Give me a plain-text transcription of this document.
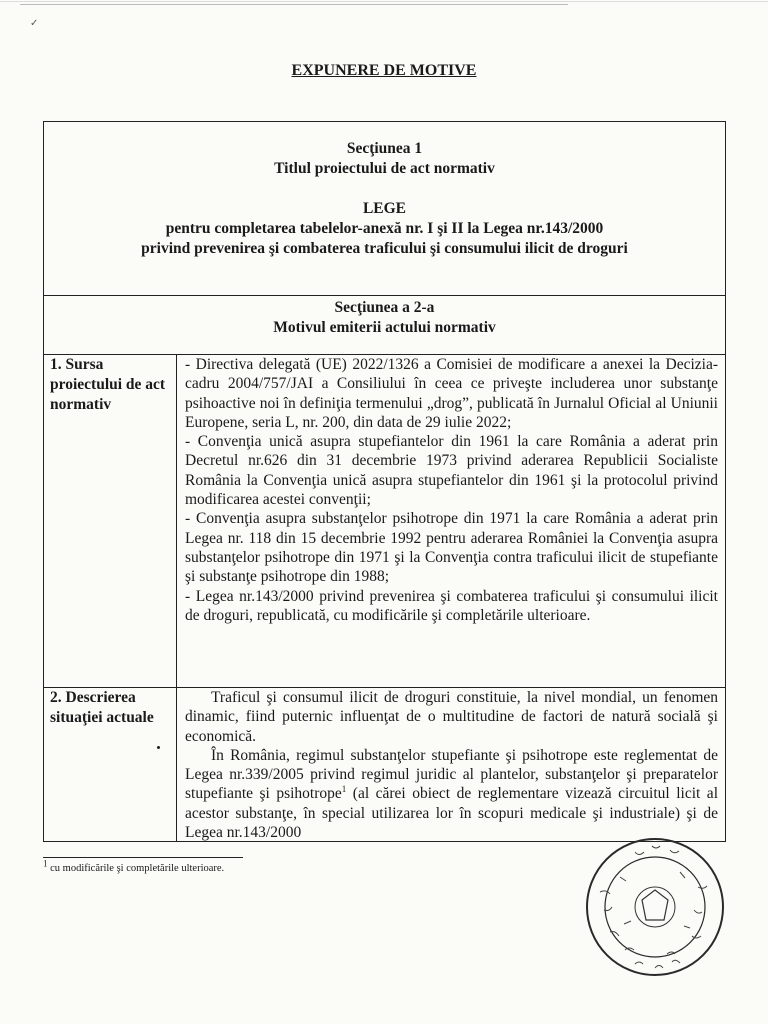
✓
EXPUNERE DE MOTIVE
Secţiunea 1
Titlul proiectului de act normativ
LEGE
pentru completarea tabelelor-anexă nr. I şi II la Legea nr.143/2000
privind prevenirea şi combaterea traficului şi consumului ilicit de droguri
Secţiunea a 2-a
Motivul emiterii actului normativ
1. Sursa proiectului de act normativ

- Directiva delegată (UE) 2022/1326 a Comisiei de modificare a anexei la Decizia-cadru 2004/757/JAI a Consiliului în ceea ce priveşte includerea unor substanţe psihoactive noi în definiţia termenului „drog”, publicată în Jurnalul Oficial al Uniunii Europene, seria L, nr. 200, din data de 29 iulie 2022;

- Convenţia unică asupra stupefiantelor din 1961 la care România a aderat prin Decretul nr.626 din 31 decembrie 1973 privind aderarea Republicii Socialiste România la Convenţia unică asupra stupefiantelor din 1961 şi la protocolul privind modificarea acestei convenţii;

- Convenţia asupra substanţelor psihotrope din 1971 la care România a aderat prin Legea nr. 118 din 15 decembrie 1992 pentru aderarea României la Convenţia asupra substanţelor psihotrope din 1971 şi la Convenţia contra traficului ilicit de stupefiante şi substanţe psihotrope din 1988;

- Legea nr.143/2000 privind prevenirea şi combaterea traficului şi consumului ilicit de droguri, republicată, cu modificările şi completările ulterioare.

2. Descrierea situaţiei actuale

Traficul şi consumul ilicit de droguri constituie, la nivel mondial, un fenomen dinamic, fiind puternic influenţat de o multitudine de factori de natură socială şi economică.

În România, regimul substanţelor stupefiante şi psihotrope este reglementat de Legea nr.339/2005 privind regimul juridic al plantelor, substanţelor şi preparatelor stupefiante şi psihotrope$^1$ (al cărei obiect de reglementare vizează circuitul licit al acestor substanţe, în special utilizarea lor în scopuri medicale şi industriale) şi de Legea nr.143/2000

$^1$ cu modificările şi completările ulterioare.
